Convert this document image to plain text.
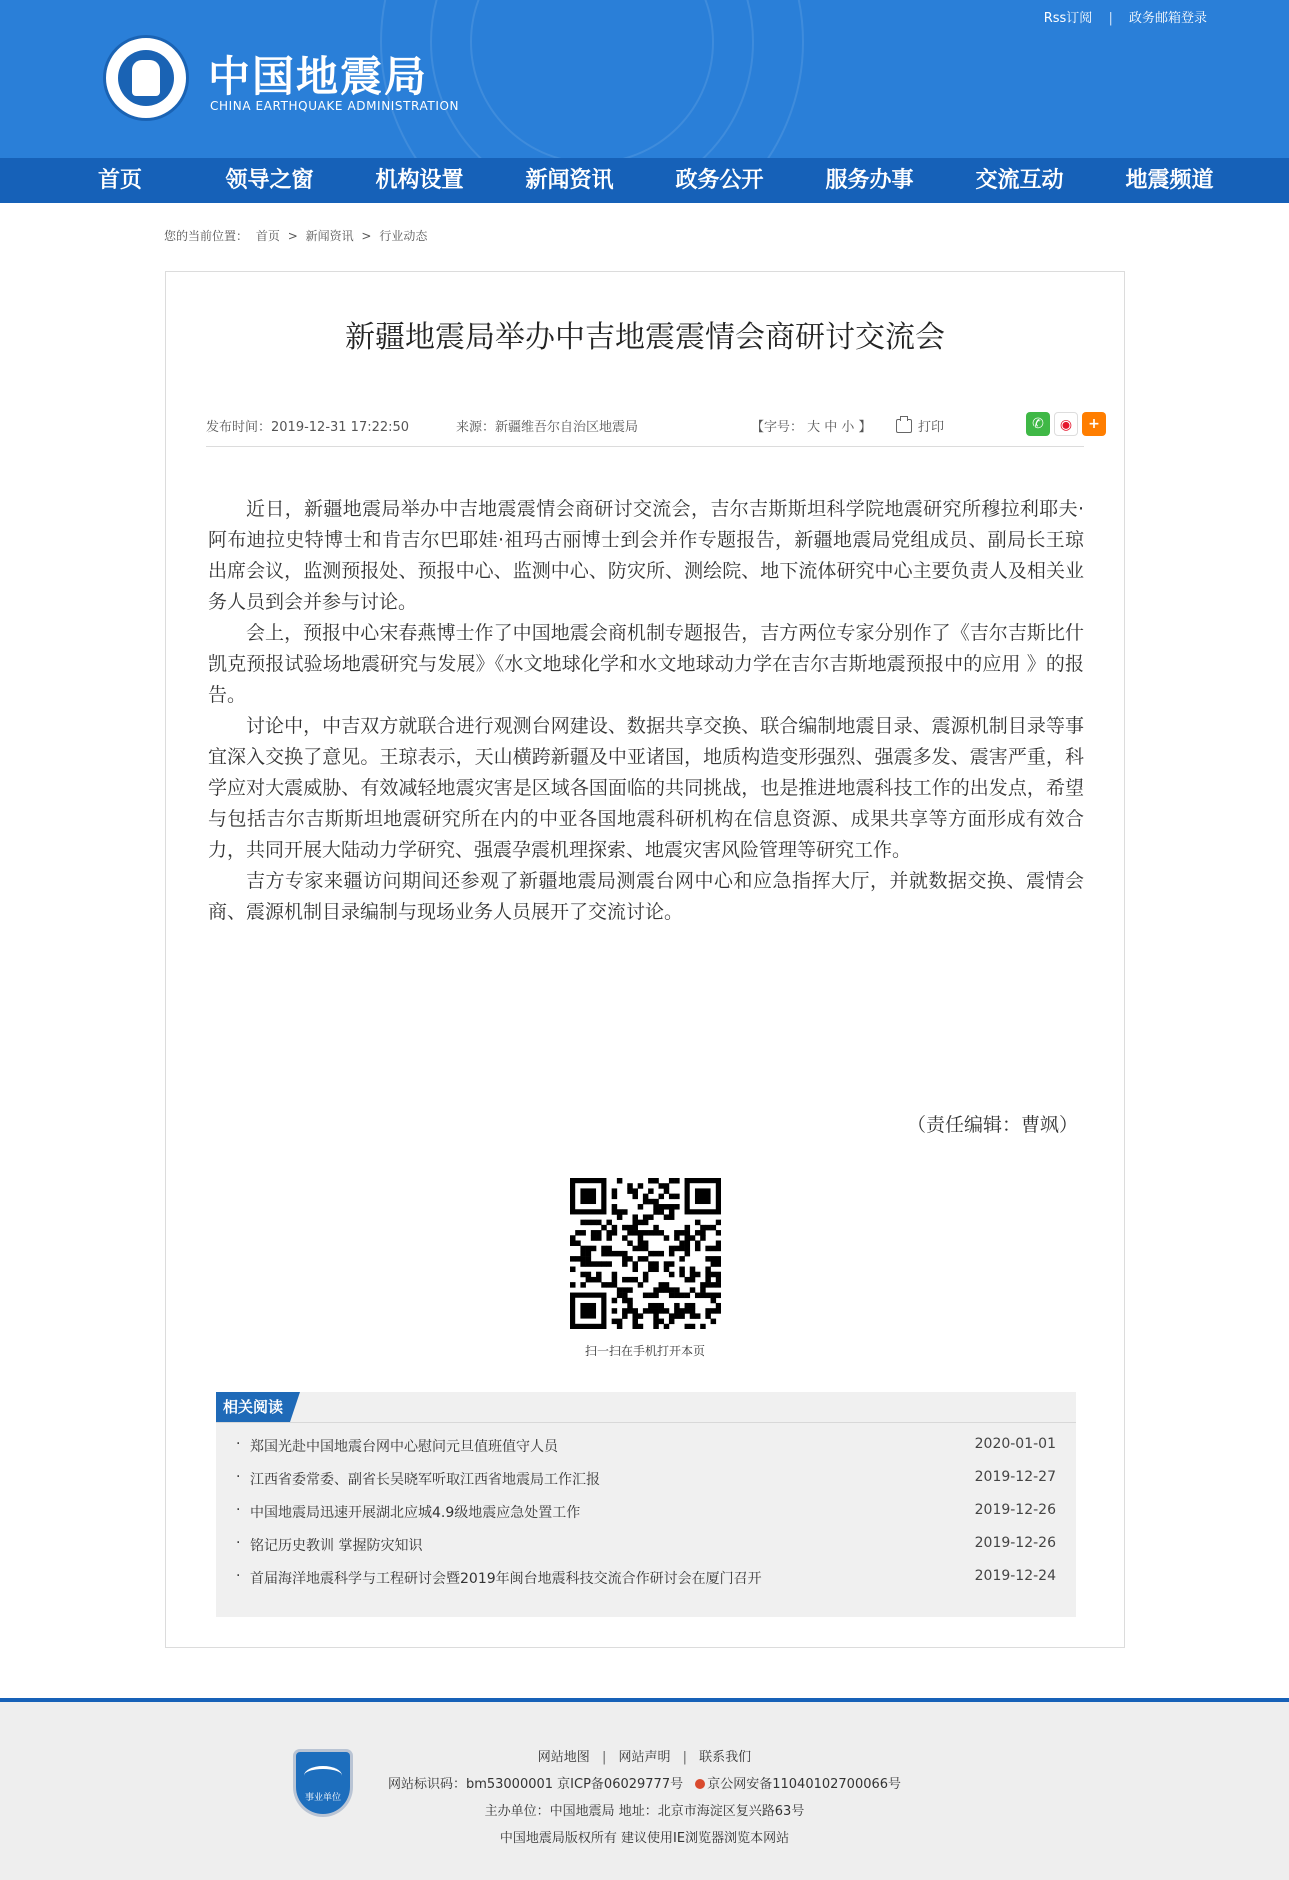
中国地震局
CHINA EARTHQUAKE ADMINISTRATION
Rss订阅 | 政务邮箱登录
首页	领导之窗	机构设置	新闻资讯	政务公开	服务办事	交流互动	地震频道
您的当前位置： 首页 > 新闻资讯 > 行业动态
新疆地震局举办中吉地震震情会商研讨交流会
发布时间：2019-12-31 17:22:50	来源：新疆维吾尔自治区地震局	【字号： 大 中 小 】	打印	✆	◉	+

近日，新疆地震局举办中吉地震震情会商研讨交流会，吉尔吉斯斯坦科学院地震研究所穆拉利耶夫·阿布迪拉史特博士和肯吉尔巴耶娃·祖玛古丽博士到会并作专题报告，新疆地震局党组成员、副局长王琼出席会议，监测预报处、预报中心、监测中心、防灾所、测绘院、地下流体研究中心主要负责人及相关业务人员到会并参与讨论。

会上，预报中心宋春燕博士作了中国地震会商机制专题报告，吉方两位专家分别作了《吉尔吉斯比什凯克预报试验场地震研究与发展》《水文地球化学和水文地球动力学在吉尔吉斯地震预报中的应用 》的报告。

讨论中，中吉双方就联合进行观测台网建设、数据共享交换、联合编制地震目录、震源机制目录等事宜深入交换了意见。王琼表示，天山横跨新疆及中亚诸国，地质构造变形强烈、强震多发、震害严重，科学应对大震威胁、有效减轻地震灾害是区域各国面临的共同挑战，也是推进地震科技工作的出发点，希望与包括吉尔吉斯斯坦地震研究所在内的中亚各国地震科研机构在信息资源、成果共享等方面形成有效合力，共同开展大陆动力学研究、强震孕震机理探索、地震灾害风险管理等研究工作。

吉方专家来疆访问期间还参观了新疆地震局测震台网中心和应急指挥大厅，并就数据交换、震情会商、震源机制目录编制与现场业务人员展开了交流讨论。

（责任编辑：曹飒）
扫一扫在手机打开本页
相关阅读
· 郑国光赴中国地震台网中心慰问元旦值班值守人员	2020-01-01
· 江西省委常委、副省长吴晓军听取江西省地震局工作汇报	2019-12-27
· 中国地震局迅速开展湖北应城4.9级地震应急处置工作	2019-12-26
· 铭记历史教训 掌握防灾知识	2019-12-26
· 首届海洋地震科学与工程研讨会暨2019年闽台地震科技交流合作研讨会在厦门召开	2019-12-24
事业单位
网站地图 | 网站声明 | 联系我们
网站标识码：bm53000001 京ICP备06029777号 京公网安备11040102700066号
主办单位：中国地震局 地址：北京市海淀区复兴路63号
中国地震局版权所有 建议使用IE浏览器浏览本网站
